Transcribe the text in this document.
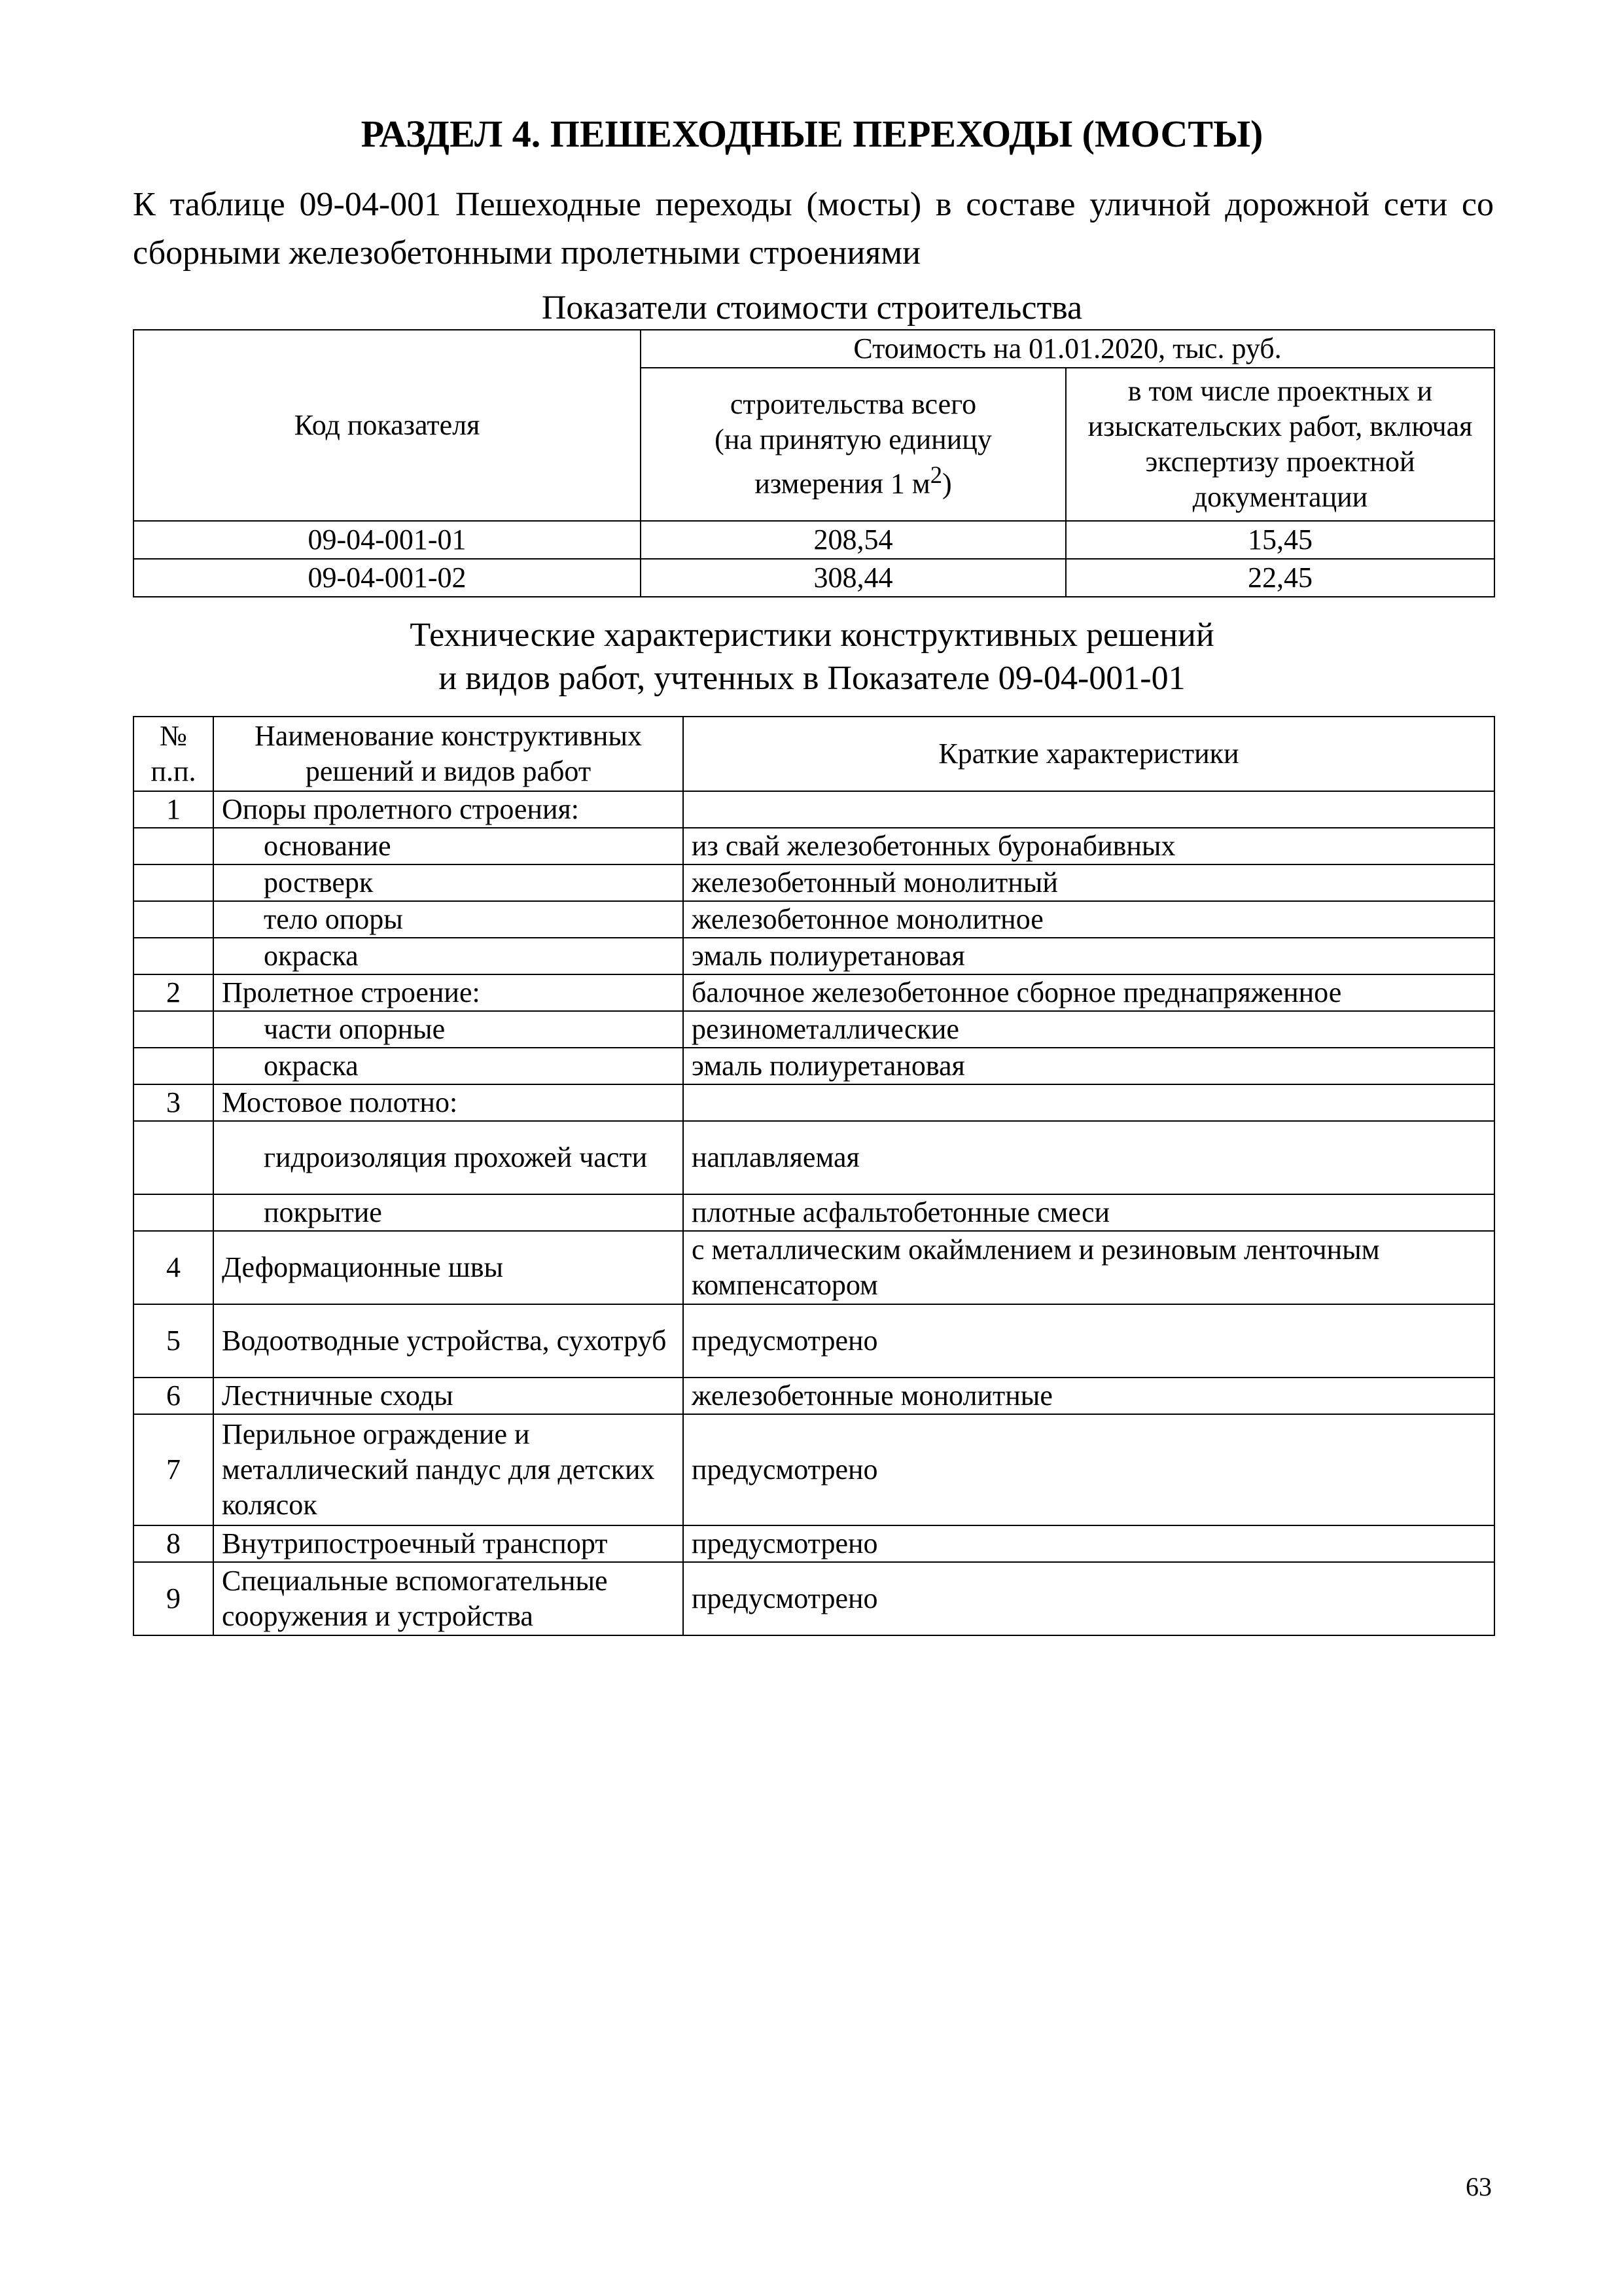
РАЗДЕЛ 4. ПЕШЕХОДНЫЕ ПЕРЕХОДЫ (МОСТЫ)

К таблице 09-04-001 Пешеходные переходы (мосты) в составе уличной дорожной сети со сборными железобетонными пролетными строениями

Показатели стоимости строительства

Код показателя	Стоимость на 01.01.2020, тыс. руб.	
	строительства всего
(на принятую единицу
измерения 1 $м^2$)	в том числе проектных и изыскательских работ, включая экспертизу проектной документации
09-04-001-01	208,54	15,45
09-04-001-02	308,44	22,45

Технические характеристики конструктивных решений
и видов работ, учтенных в Показателе 09-04-001-01

№ п.п.	Наименование конструктивных решений и видов работ	Краткие характеристики
1	Опоры пролетного строения:	
	основание	из свай железобетонных буронабивных
	ростверк	железобетонный монолитный
	тело опоры	железобетонное монолитное
	окраска	эмаль полиуретановая
2	Пролетное строение:	балочное железобетонное сборное преднапряженное
	части опорные	резинометаллические
	окраска	эмаль полиуретановая
3	Мостовое полотно:	
	гидроизоляция прохожей части	наплавляемая
	покрытие	плотные асфальтобетонные смеси
4	Деформационные швы	с металлическим окаймлением и резиновым ленточным компенсатором
5	Водоотводные устройства, сухотруб	предусмотрено
6	Лестничные сходы	железобетонные монолитные
7	Перильное ограждение и металлический пандус для детских колясок	предусмотрено
8	Внутрипостроечный транспорт	предусмотрено
9	Специальные вспомогательные сооружения и устройства	предусмотрено

63
